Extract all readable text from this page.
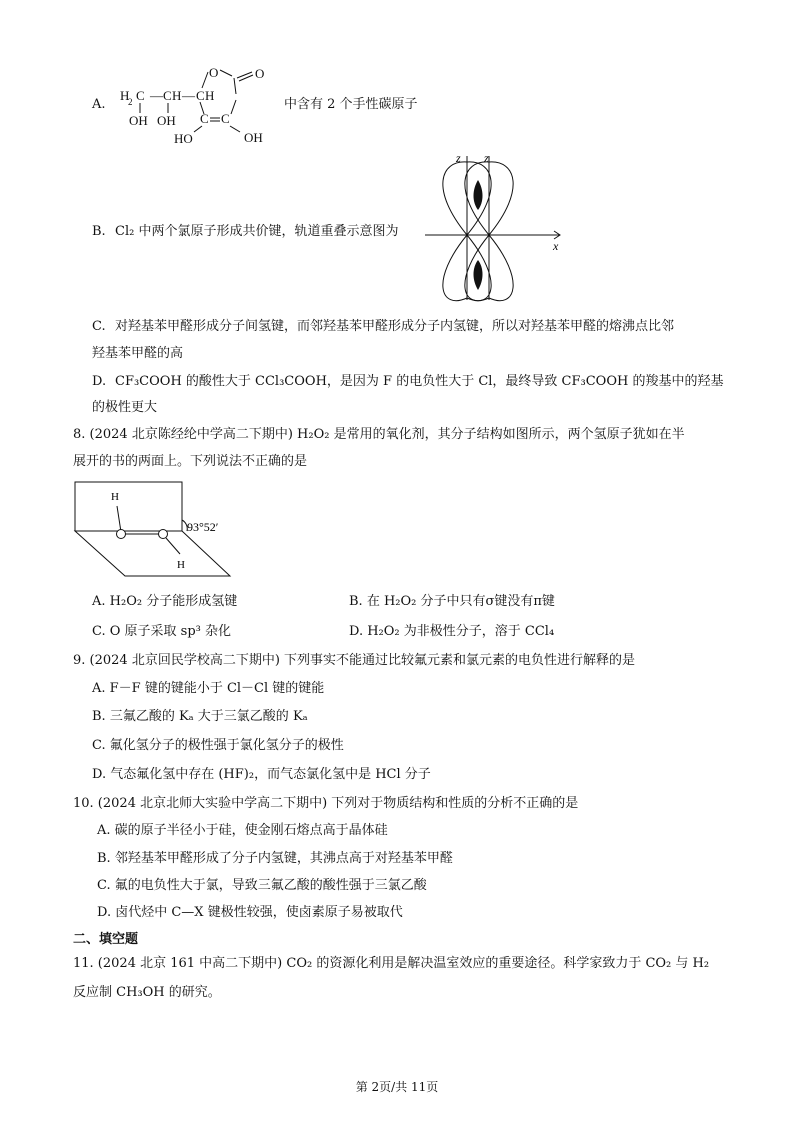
A.
H
2 C — C H — C H
OH OH
O	O
C C
HO	OH
中含有 2 个手性碳原子
B. Cl₂ 中两个氯原子形成共价键，轨道重叠示意图为
z z
x
C. 对羟基苯甲醛形成分子间氢键，而邻羟基苯甲醛形成分子内氢键，所以对羟基苯甲醛的熔沸点比邻
羟基苯甲醛的高
D. CF₃COOH 的酸性大于 CCl₃COOH，是因为 F 的电负性大于 Cl，最终导致 CF₃COOH 的羧基中的羟基
的极性更大
8. (2024 北京陈经纶中学高二下期中) H₂O₂ 是常用的氧化剂，其分子结构如图所示，两个氢原子犹如在半
展开的书的两面上。下列说法不正确的是
H
H
93°52′
A. H₂O₂ 分子能形成氢键	B. 在 H₂O₂ 分子中只有σ键没有π键
C. O 原子采取 sp³ 杂化	D. H₂O₂ 为非极性分子，溶于 CCl₄
9. (2024 北京回民学校高二下期中) 下列事实不能通过比较氟元素和氯元素的电负性进行解释的是
A. F－F 键的键能小于 Cl－Cl 键的键能
B. 三氟乙酸的 Kₐ 大于三氯乙酸的 Kₐ
C. 氟化氢分子的极性强于氯化氢分子的极性
D. 气态氟化氢中存在 (HF)₂，而气态氯化氢中是 HCl 分子
10. (2024 北京北师大实验中学高二下期中) 下列对于物质结构和性质的分析不正确的是
A. 碳的原子半径小于硅，使金刚石熔点高于晶体硅
B. 邻羟基苯甲醛形成了分子内氢键，其沸点高于对羟基苯甲醛
C. 氟的电负性大于氯，导致三氟乙酸的酸性强于三氯乙酸
D. 卤代烃中 C—X 键极性较强，使卤素原子易被取代
二、填空题
11. (2024 北京 161 中高二下期中) CO₂ 的资源化利用是解决温室效应的重要途径。科学家致力于 CO₂ 与 H₂
反应制 CH₃OH 的研究。
第 2页/共 11页
